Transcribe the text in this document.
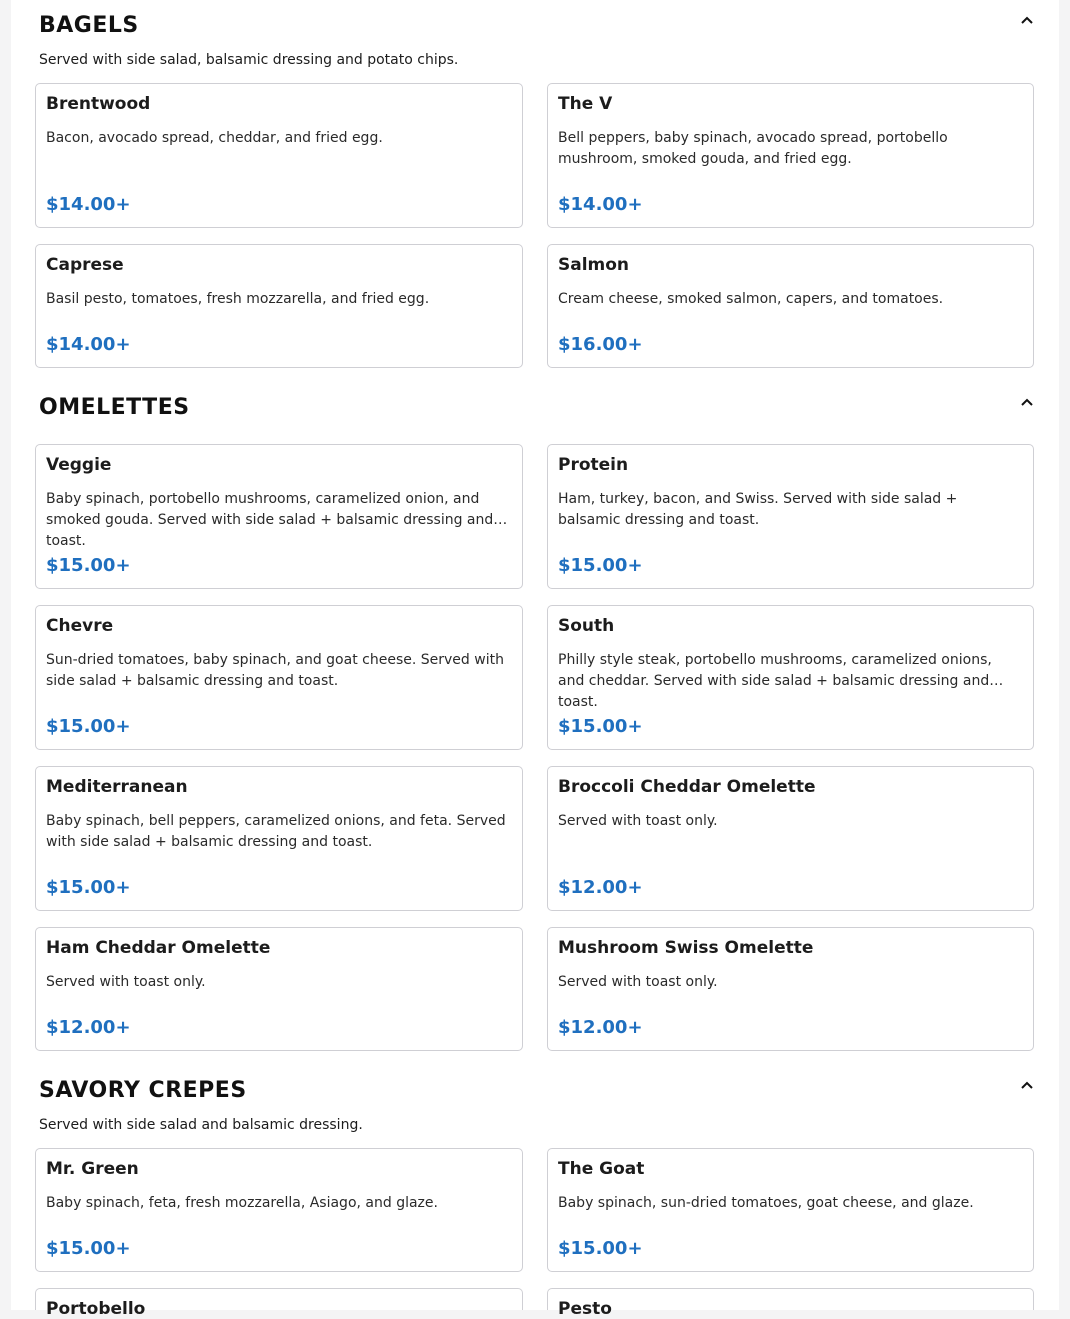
BAGELS
Served with side salad, balsamic dressing and potato chips.
Brentwood
Bacon, avocado spread, cheddar, and fried egg.
$14.00+
The V
Bell peppers, baby spinach, avocado spread, portobello mushroom, smoked gouda, and fried egg.
$14.00+
Caprese
Basil pesto, tomatoes, fresh mozzarella, and fried egg.
$14.00+
Salmon
Cream cheese, smoked salmon, capers, and tomatoes.
$16.00+
OMELETTES
Veggie
Baby spinach, portobello mushrooms, caramelized onion, and smoked gouda. Served with side salad + balsamic dressing and toast.
$15.00+
Protein
Ham, turkey, bacon, and Swiss. Served with side salad + balsamic dressing and toast.
$15.00+
Chevre
Sun-dried tomatoes, baby spinach, and goat cheese. Served with side salad + balsamic dressing and toast.
$15.00+
South
Philly style steak, portobello mushrooms, caramelized onions, and cheddar. Served with side salad + balsamic dressing and toast.
$15.00+
Mediterranean
Baby spinach, bell peppers, caramelized onions, and feta. Served with side salad + balsamic dressing and toast.
$15.00+
Broccoli Cheddar Omelette
Served with toast only.
$12.00+
Ham Cheddar Omelette
Served with toast only.
$12.00+
Mushroom Swiss Omelette
Served with toast only.
$12.00+
SAVORY CREPES
Served with side salad and balsamic dressing.
Mr. Green
Baby spinach, feta, fresh mozzarella, Asiago, and glaze.
$15.00+
The Goat
Baby spinach, sun-dried tomatoes, goat cheese, and glaze.
$15.00+
Portobello	Pesto
